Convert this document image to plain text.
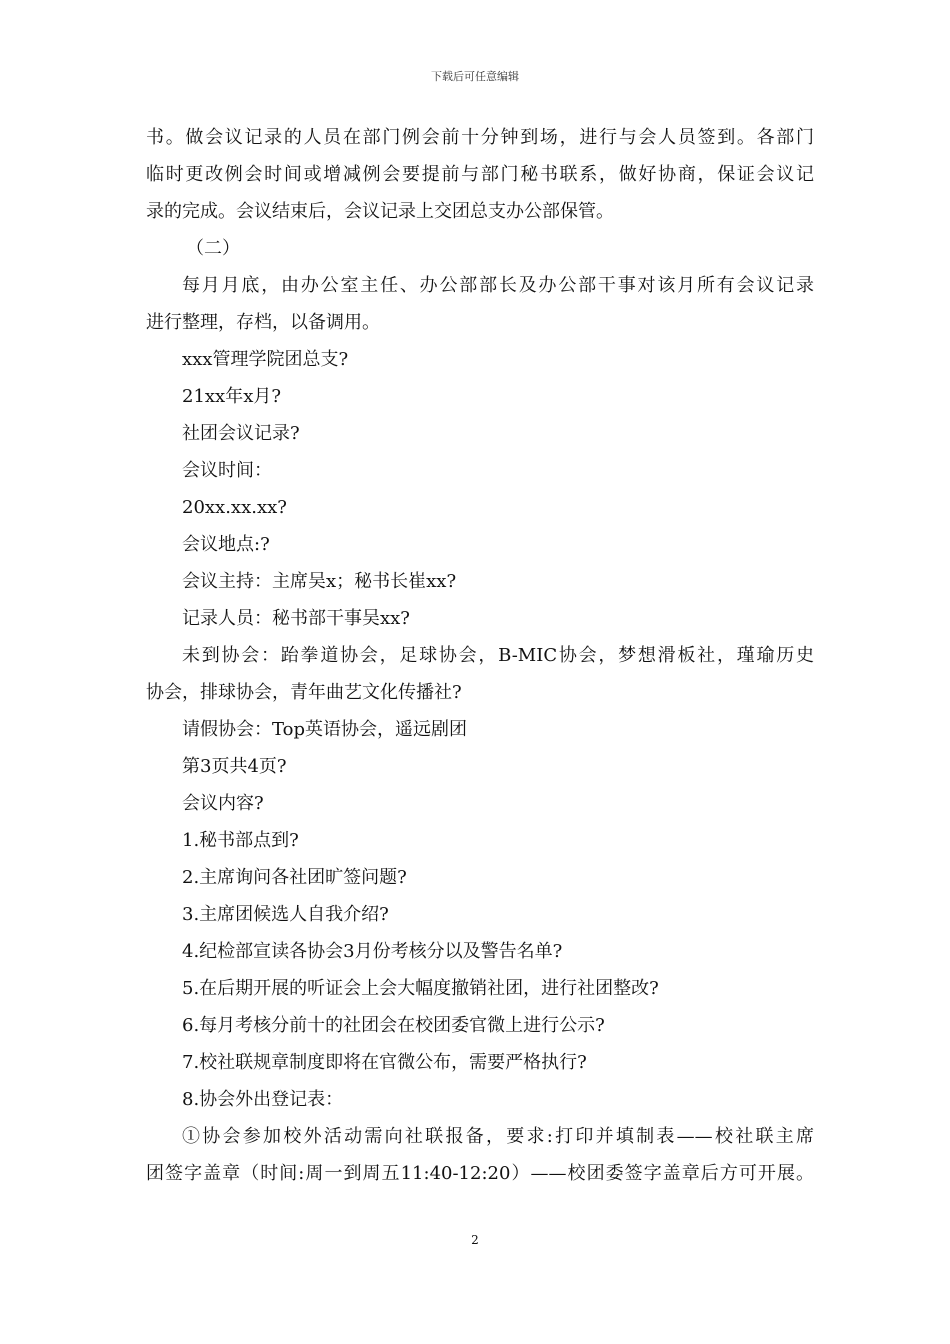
下载后可任意编辑
书。做会议记录的人员在部门例会前十分钟到场，进行与会人员签到。各部门
临时更改例会时间或增减例会要提前与部门秘书联系，做好协商，保证会议记
录的完成。会议结束后，会议记录上交团总支办公部保管。
（二）
每月月底，由办公室主任、办公部部长及办公部干事对该月所有会议记录
进行整理，存档，以备调用。
xxx管理学院团总支?
21xx年x月?
社团会议记录?
会议时间：
20xx.xx.xx?
会议地点:?
会议主持：主席吴x；秘书长崔xx?
记录人员：秘书部干事吴xx?
未到协会：跆拳道协会，足球协会，B-MIC协会，梦想滑板社，瑾瑜历史
协会，排球协会，青年曲艺文化传播社?
请假协会：Top英语协会，遥远剧团
第3页共4页?
会议内容?
1.秘书部点到?
2.主席询问各社团旷签问题?
3.主席团候选人自我介绍?
4.纪检部宣读各协会3月份考核分以及警告名单?
5.在后期开展的听证会上会大幅度撤销社团，进行社团整改?
6.每月考核分前十的社团会在校团委官微上进行公示?
7.校社联规章制度即将在官微公布，需要严格执行?
8.协会外出登记表：
①协会参加校外活动需向社联报备，要求:打印并填制表——校社联主席
团签字盖章（时间:周一到周五11:40-12:20）——校团委签字盖章后方可开展。
2
